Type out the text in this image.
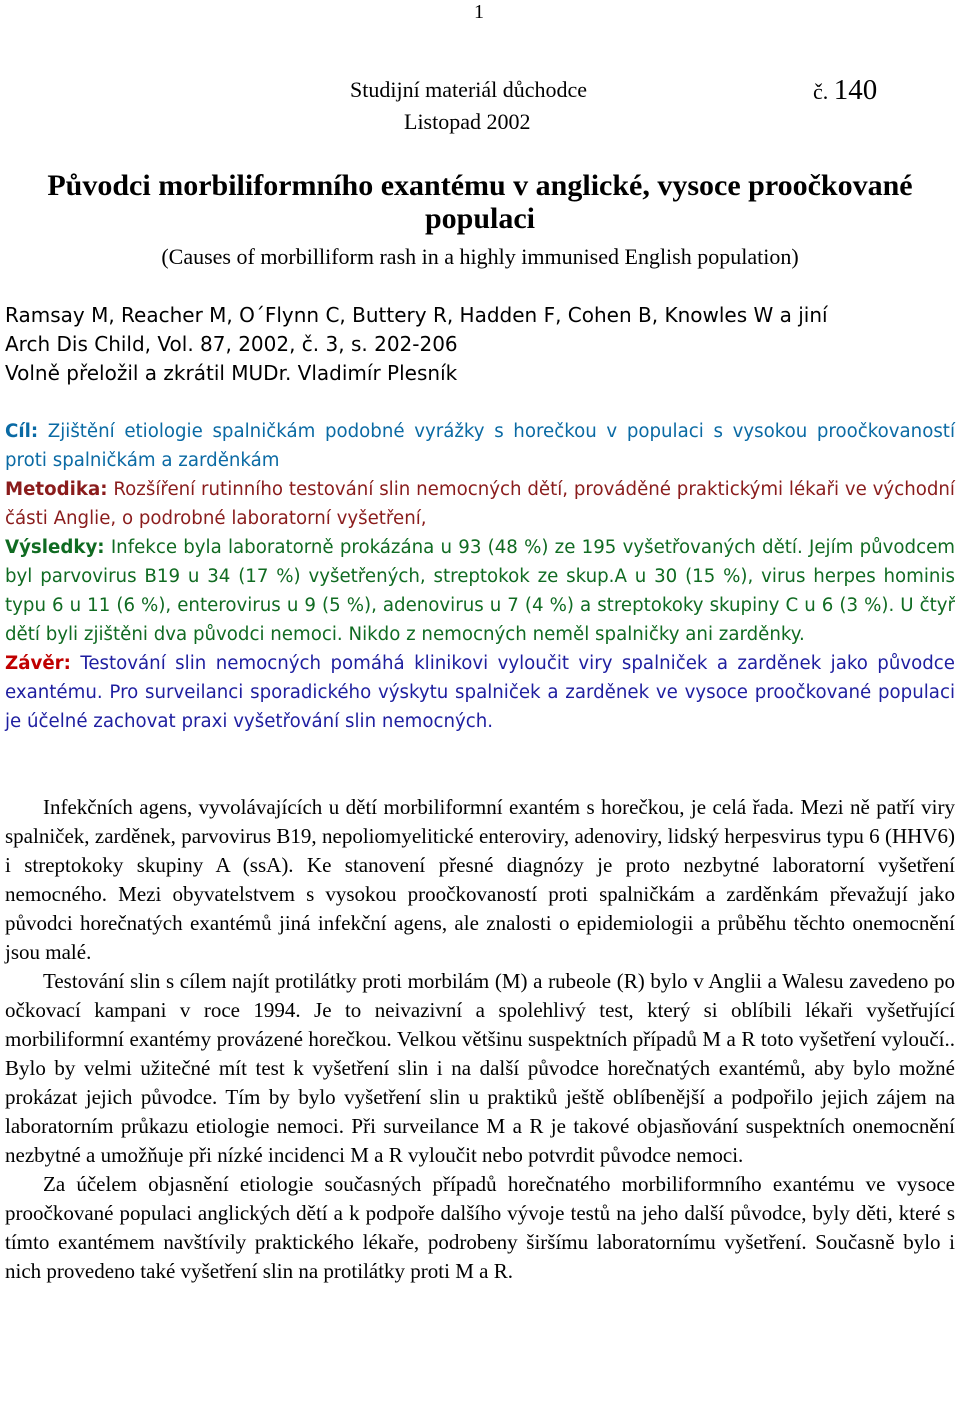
1
Studijní materiál důchodce	č. 140
Listopad 2002
Původci morbiliformního exantému v anglické, vysoce proočkované populaci
(Causes of morbilliform rash in a highly immunised English population)
Ramsay M, Reacher M, O´Flynn C, Buttery R, Hadden F, Cohen B, Knowles W a jiní
Arch Dis Child, Vol. 87, 2002, č. 3, s. 202-206
Volně přeložil a zkrátil MUDr. Vladimír Plesník

Cíl: Zjištění etiologie spalničkám podobné vyrážky s horečkou v populaci s vysokou proočkovaností proti spalničkám a zarděnkám

Metodika: Rozšíření rutinního testování slin nemocných dětí, prováděné praktickými lékaři ve východní části Anglie, o podrobné laboratorní vyšetření,

Výsledky: Infekce byla laboratorně prokázána u 93 (48 %) ze 195 vyšetřovaných dětí. Jejím původcem byl parvovirus B19 u 34 (17 %) vyšetřených, streptokok ze skup.A u 30 (15 %), virus herpes hominis typu 6 u 11 (6 %), enterovirus u 9 (5 %), adenovirus u 7 (4 %) a streptokoky skupiny C u 6 (3 %). U čtyř dětí byli zjištěni dva původci nemoci. Nikdo z nemocných neměl spalničky ani zarděnky.

Závěr: Testování slin nemocných pomáhá klinikovi vyloučit viry spalniček a zarděnek jako původce exantému. Pro surveilanci sporadického výskytu spalniček a zarděnek ve vysoce proočkované populaci je účelné zachovat praxi vyšetřování slin nemocných.

Infekčních agens, vyvolávajících u dětí morbiliformní exantém s horečkou, je celá řada. Mezi ně patří viry spalniček, zarděnek, parvovirus B19, nepoliomyelitické enteroviry, adenoviry, lidský herpesvirus typu 6 (HHV6) i streptokoky skupiny A (ssA). Ke stanovení přesné diagnózy je proto nezbytné laboratorní vyšetření nemocného. Mezi obyvatelstvem s vysokou proočkovaností proti spalničkám a zarděnkám převažují jako původci horečnatých exantémů jiná infekční agens, ale znalosti o epidemiologii a průběhu těchto onemocnění jsou malé.

Testování slin s cílem najít protilátky proti morbilám (M) a rubeole (R) bylo v Anglii a Walesu zavedeno po očkovací kampani v roce 1994. Je to neivazivní a spolehlivý test, který si oblíbili lékaři vyšetřující morbiliformní exantémy provázené horečkou. Velkou většinu suspektních případů M a R toto vyšetření vyloučí.. Bylo by velmi užitečné mít test k vyšetření slin i na další původce horečnatých exantémů, aby bylo možné prokázat jejich původce. Tím by bylo vyšetření slin u praktiků ještě oblíbenější a podpořilo jejich zájem na laboratorním průkazu etiologie nemoci. Při surveilance M a R je takové objasňování suspektních onemocnění nezbytné a umožňuje při nízké incidenci M a R vyloučit nebo potvrdit původce nemoci.

Za účelem objasnění etiologie současných případů horečnatého morbiliformního exantému ve vysoce proočkované populaci anglických dětí a k podpoře dalšího vývoje testů na jeho další původce, byly děti, které s tímto exantémem navštívily praktického lékaře, podrobeny širšímu laboratornímu vyšetření. Současně bylo i nich provedeno také vyšetření slin na protilátky proti M a R.
